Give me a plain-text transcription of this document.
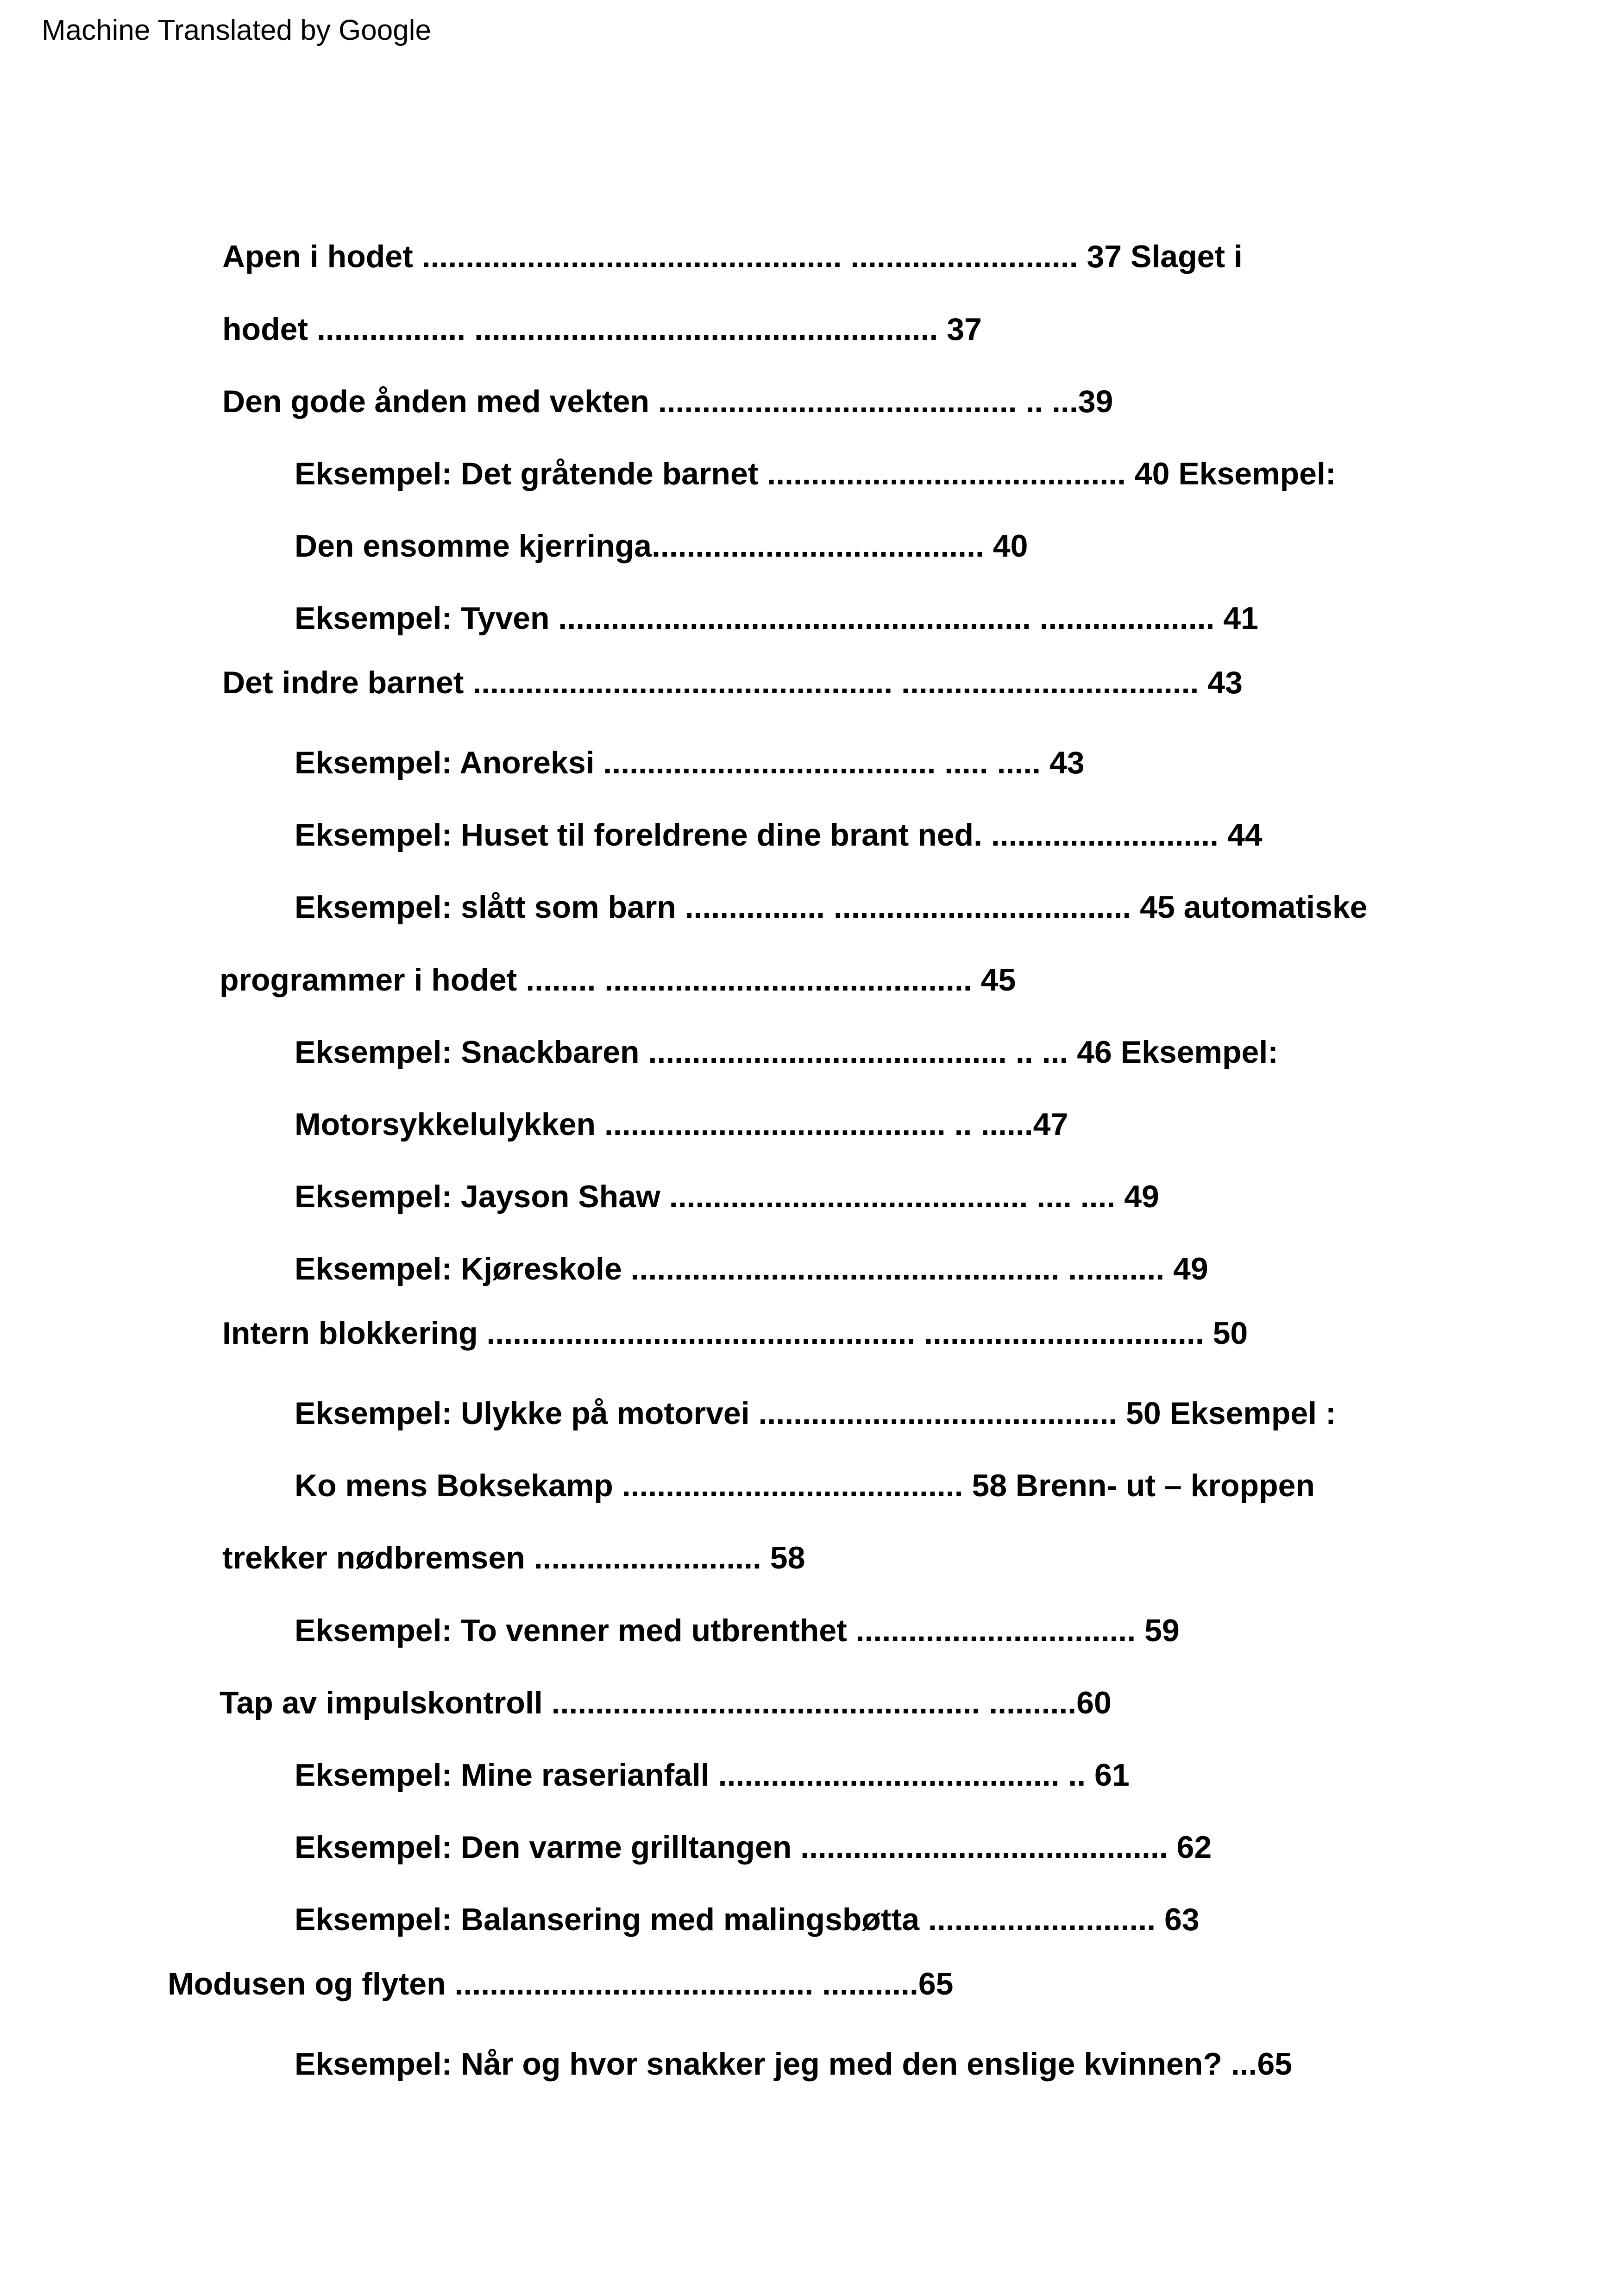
Machine Translated by Google
Apen i hodet ................................................ .......................... 37 Slaget i
hodet ................. ..................................................... 37
Den gode ånden med vekten ......................................... .. ...39
Eksempel: Det gråtende barnet ......................................... 40 Eksempel:
Den ensomme kjerringa...................................... 40
Eksempel: Tyven ...................................................... .................... 41
Det indre barnet ................................................ .................................. 43
Eksempel: Anoreksi ...................................... ..... ..... 43
Eksempel: Huset til foreldrene dine brant ned. .......................... 44
Eksempel: slått som barn ................ .................................. 45 automatiske
programmer i hodet ........ .......................................... 45
Eksempel: Snackbaren ......................................... .. ... 46 Eksempel:
Motorsykkelulykken ....................................... .. ......47
Eksempel: Jayson Shaw ......................................... .... .... 49
Eksempel: Kjøreskole ................................................. ........... 49
Intern blokkering ................................................. ................................ 50
Eksempel: Ulykke på motorvei ......................................... 50 Eksempel :
Ko mens Boksekamp ....................................... 58 Brenn- ut – kroppen
trekker nødbremsen .......................... 58
Eksempel: To venner med utbrenthet ................................ 59
Tap av impulskontroll ................................................. ..........60
Eksempel: Mine raserianfall ....................................... .. 61
Eksempel: Den varme grilltangen .......................................... 62
Eksempel: Balansering med malingsbøtta .......................... 63
Modusen og flyten ......................................... ...........65
Eksempel: Når og hvor snakker jeg med den enslige kvinnen? ...65
